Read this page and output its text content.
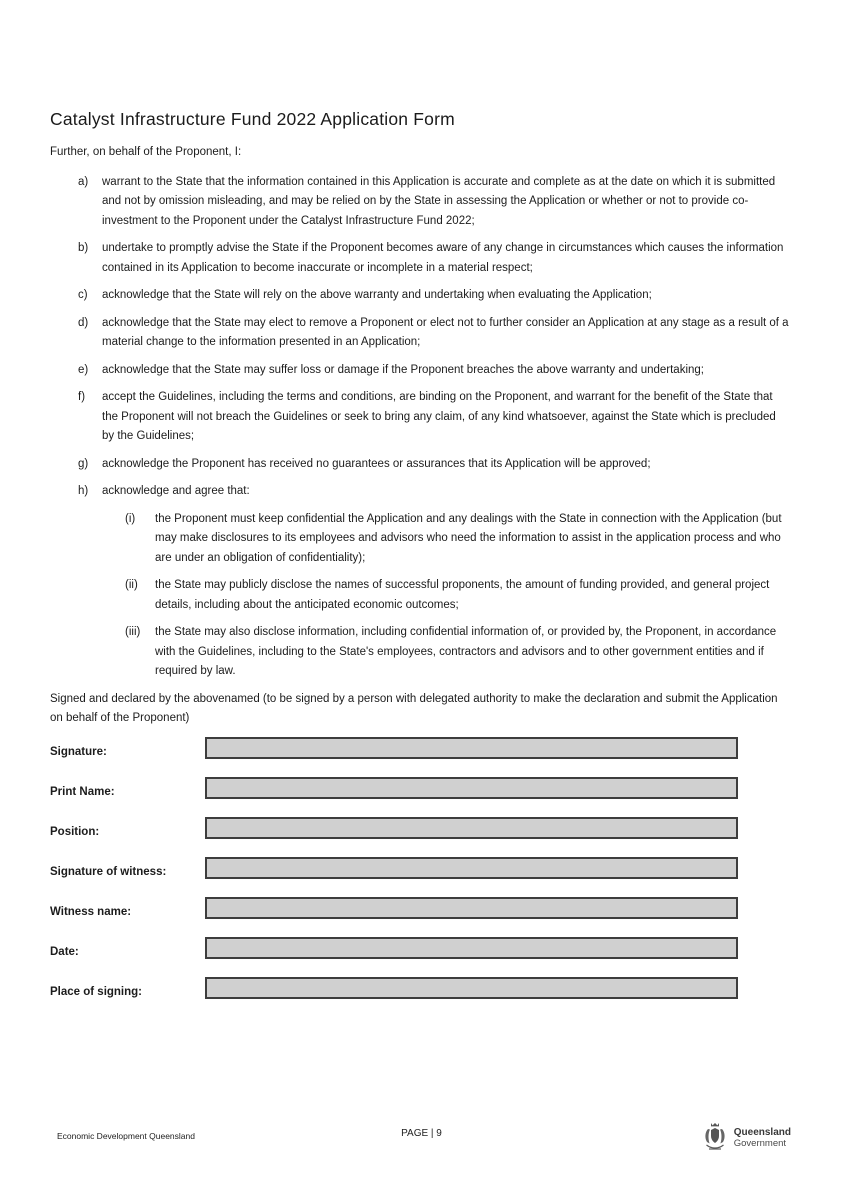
Catalyst Infrastructure Fund 2022 Application Form

Further, on behalf of the Proponent, I:

a)	warrant to the State that the information contained in this Application is accurate and complete as at the date on which it is submitted and not by omission misleading, and may be relied on by the State in assessing the Application or whether or not to provide co-investment to the Proponent under the Catalyst Infrastructure Fund 2022;
b)	undertake to promptly advise the State if the Proponent becomes aware of any change in circumstances which causes the information contained in its Application to become inaccurate or incomplete in a material respect;
c)	acknowledge that the State will rely on the above warranty and undertaking when evaluating the Application;
d)	acknowledge that the State may elect to remove a Proponent or elect not to further consider an Application at any stage as a result of a material change to the information presented in an Application;
e)	acknowledge that the State may suffer loss or damage if the Proponent breaches the above warranty and undertaking;
f)	accept the Guidelines, including the terms and conditions, are binding on the Proponent, and warrant for the benefit of the State that the Proponent will not breach the Guidelines or seek to bring any claim, of any kind whatsoever, against the State which is precluded by the Guidelines;
g)	acknowledge the Proponent has received no guarantees or assurances that its Application will be approved;
h)	acknowledge and agree that:
(i)	the Proponent must keep confidential the Application and any dealings with the State in connection with the Application (but may make disclosures to its employees and advisors who need the information to assist in the application process and who are under an obligation of confidentiality);
(ii)	the State may publicly disclose the names of successful proponents, the amount of funding provided, and general project details, including about the anticipated economic outcomes;
(iii)	the State may also disclose information, including confidential information of, or provided by, the Proponent, in accordance with the Guidelines, including to the State's employees, contractors and advisors and to other government entities and if required by law.

Signed and declared by the abovenamed (to be signed by a person with delegated authority to make the declaration and submit the Application on behalf of the Proponent)

Signature:
Print Name:
Position:
Signature of witness:
Witness name:
Date:
Place of signing:
Economic Development Queensland	PAGE | 9	Queensland
Government
